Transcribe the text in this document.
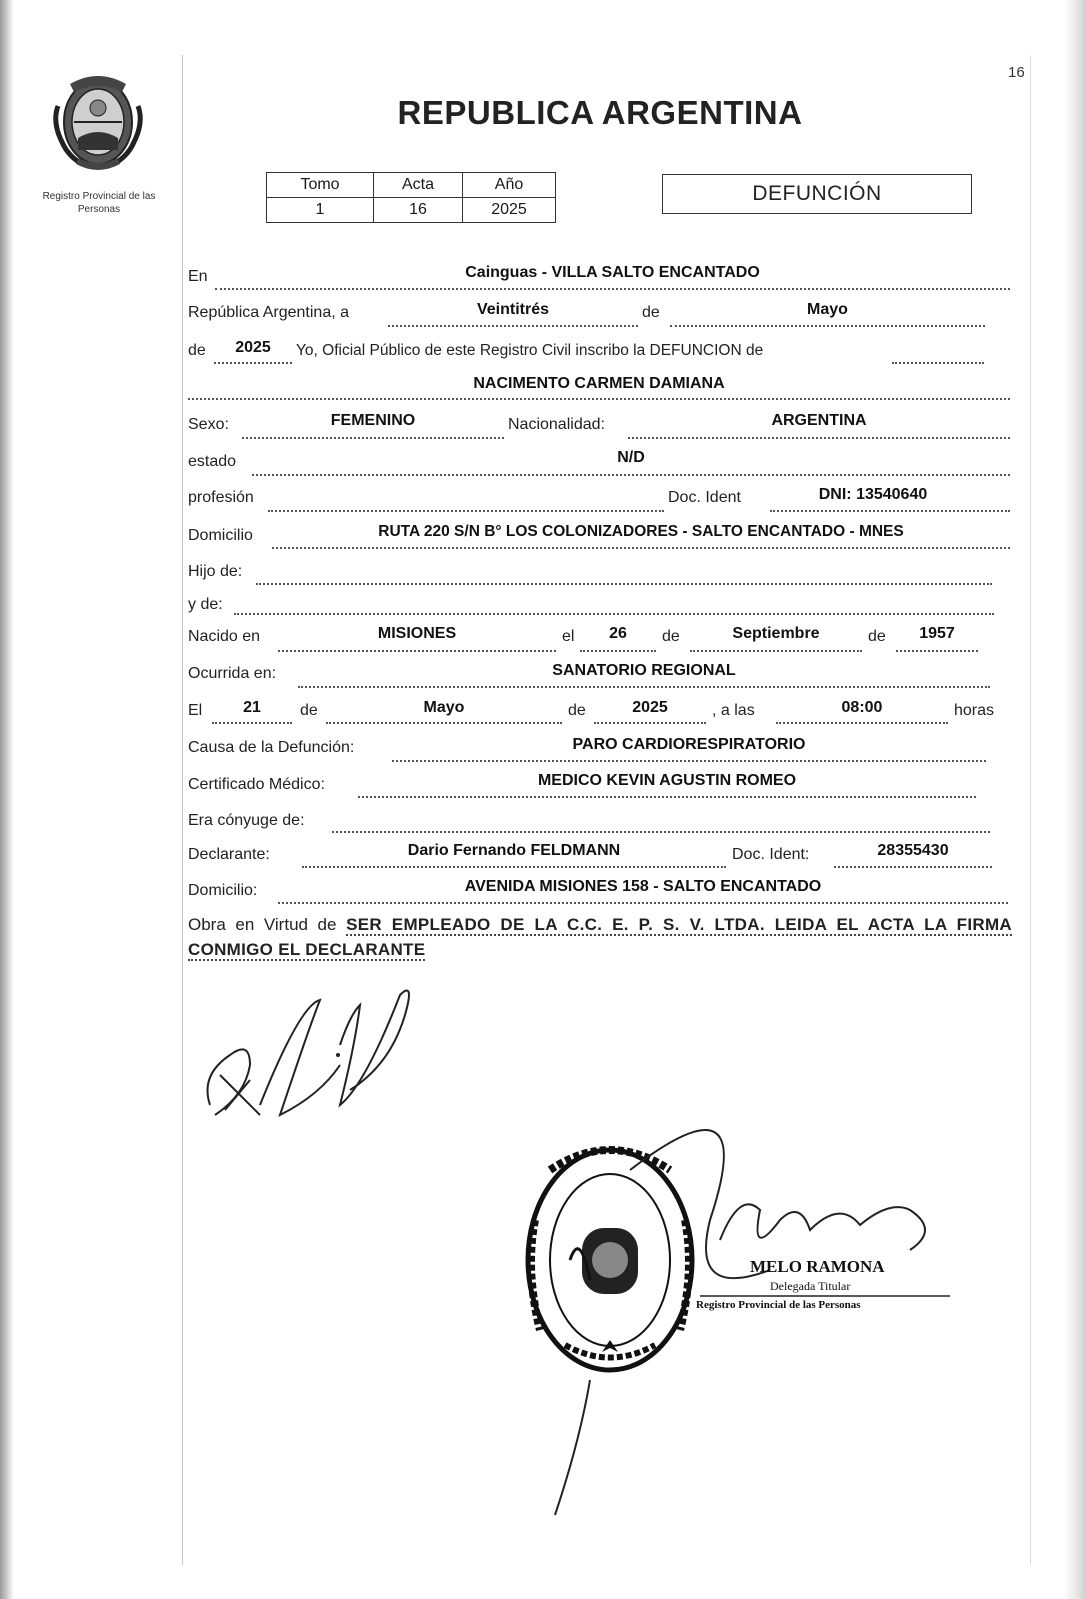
Registro Provincial de las Personas
16
REPUBLICA ARGENTINA
Tomo	Acta	Año
1	16	2025
DEFUNCIÓN
En	Cainguas - VILLA SALTO ENCANTADO
República Argentina, a	Veintitrés	de	Mayo
de	2025	Yo, Oficial Público de este Registro Civil inscribo la DEFUNCION de
NACIMENTO CARMEN DAMIANA
Sexo:	FEMENINO	Nacionalidad:	ARGENTINA
estado	N/D
profesión	Doc. Ident	DNI: 13540640
Domicilio	RUTA 220 S/N B° LOS COLONIZADORES - SALTO ENCANTADO - MNES
Hijo de:
y de:
Nacido en	MISIONES	el	26	de	Septiembre	de	1957
Ocurrida en:	SANATORIO REGIONAL
El	21	de	Mayo	de	2025	, a las	08:00	horas
Causa de la Defunción:	PARO CARDIORESPIRATORIO
Certificado Médico:	MEDICO KEVIN AGUSTIN ROMEO
Era cónyuge de:
Declarante:	Dario Fernando FELDMANN	Doc. Ident:	28355430
Domicilio:	AVENIDA MISIONES 158 - SALTO ENCANTADO
Obra en Virtud de SER EMPLEADO DE LA C.C. E. P. S. V. LTDA. LEIDA EL ACTA LA FIRMA CONMIGO EL DECLARANTE
MELO RAMONA
Delegada Titular
Registro Provincial de las Personas
